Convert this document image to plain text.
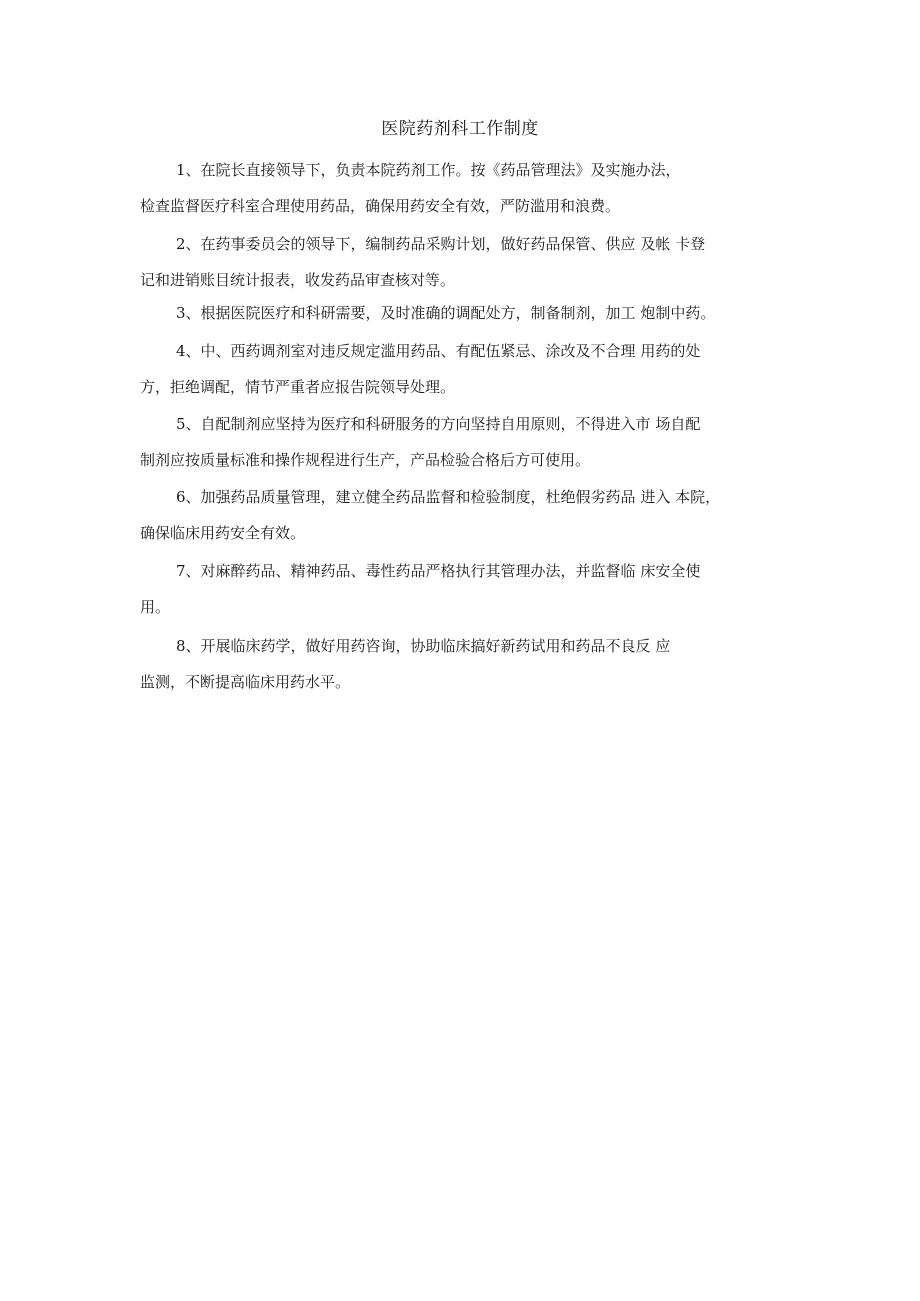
医院药剂科工作制度
1、在院长直接领导下，负责本院药剂工作。按《药品管理法》及实施办法，
检查监督医疗科室合理使用药品，确保用药安全有效，严防滥用和浪费。
2、在药事委员会的领导下，编制药品采购计划，做好药品保管、供应 及帐 卡登
记和进销账目统计报表，收发药品审查核对等。
3、根据医院医疗和科研需要，及时准确的调配处方，制备制剂，加工 炮制中药。
4、中、西药调剂室对违反规定滥用药品、有配伍紧忌、涂改及不合理 用药的处
方，拒绝调配，情节严重者应报告院领导处理。
5、自配制剂应坚持为医疗和科研服务的方向坚持自用原则，不得进入市 场自配
制剂应按质量标准和操作规程进行生产，产品检验合格后方可使用。
6、加强药品质量管理，建立健全药品监督和检验制度，杜绝假劣药品 进入 本院，
确保临床用药安全有效。
7、对麻醉药品、精神药品、毒性药品严格执行其管理办法，并监督临 床安全使
用。
8、开展临床药学，做好用药咨询，协助临床搞好新药试用和药品不良反 应
监测，不断提高临床用药水平。
